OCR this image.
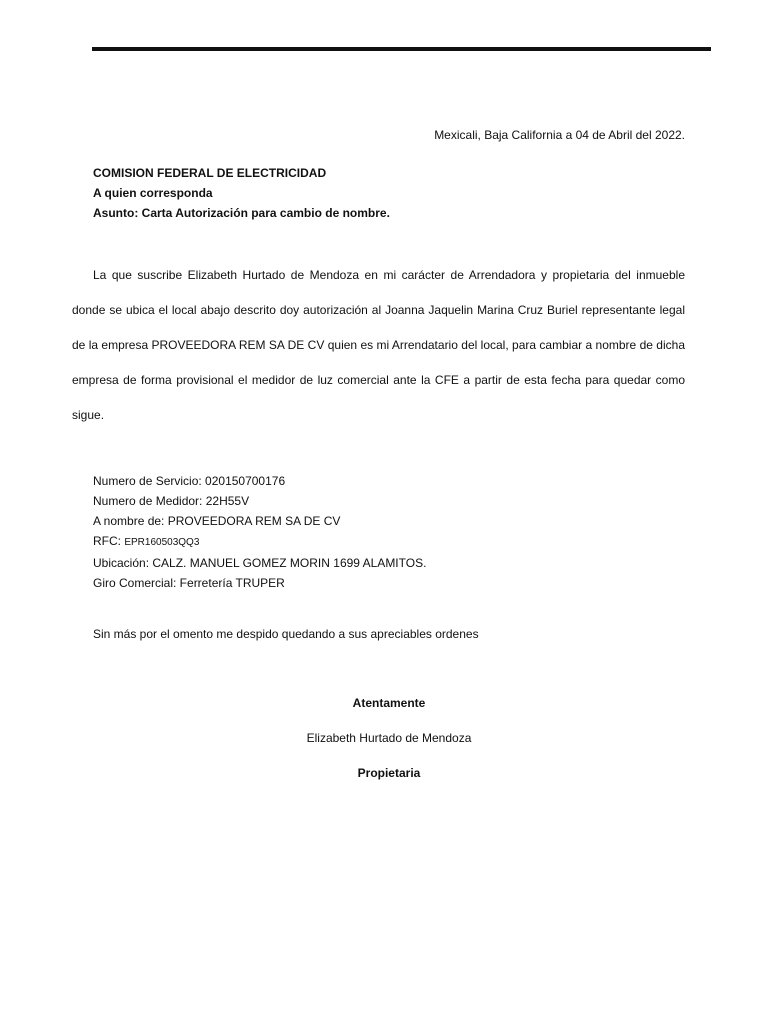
Mexicali, Baja California a 04 de Abril del 2022.
COMISION FEDERAL DE ELECTRICIDAD
A quien corresponda
Asunto: Carta Autorización para cambio de nombre.

La que suscribe Elizabeth Hurtado de Mendoza en mi carácter de Arrendadora y propietaria del inmueble donde se ubica el local abajo descrito doy autorización al Joanna Jaquelin Marina Cruz Buriel representante legal de la empresa PROVEEDORA REM SA DE CV quien es mi Arrendatario del local, para cambiar a nombre de dicha empresa de forma provisional el medidor de luz comercial ante la CFE a partir de esta fecha para quedar como sigue.

Numero de Servicio: 020150700176
Numero de Medidor: 22H55V
A nombre de: PROVEEDORA REM SA DE CV
RFC: EPR160503QQ3
Ubicación: CALZ. MANUEL GOMEZ MORIN 1699 ALAMITOS.
Giro Comercial: Ferretería TRUPER
Sin más por el omento me despido quedando a sus apreciables ordenes
Atentamente
Elizabeth Hurtado de Mendoza
Propietaria
